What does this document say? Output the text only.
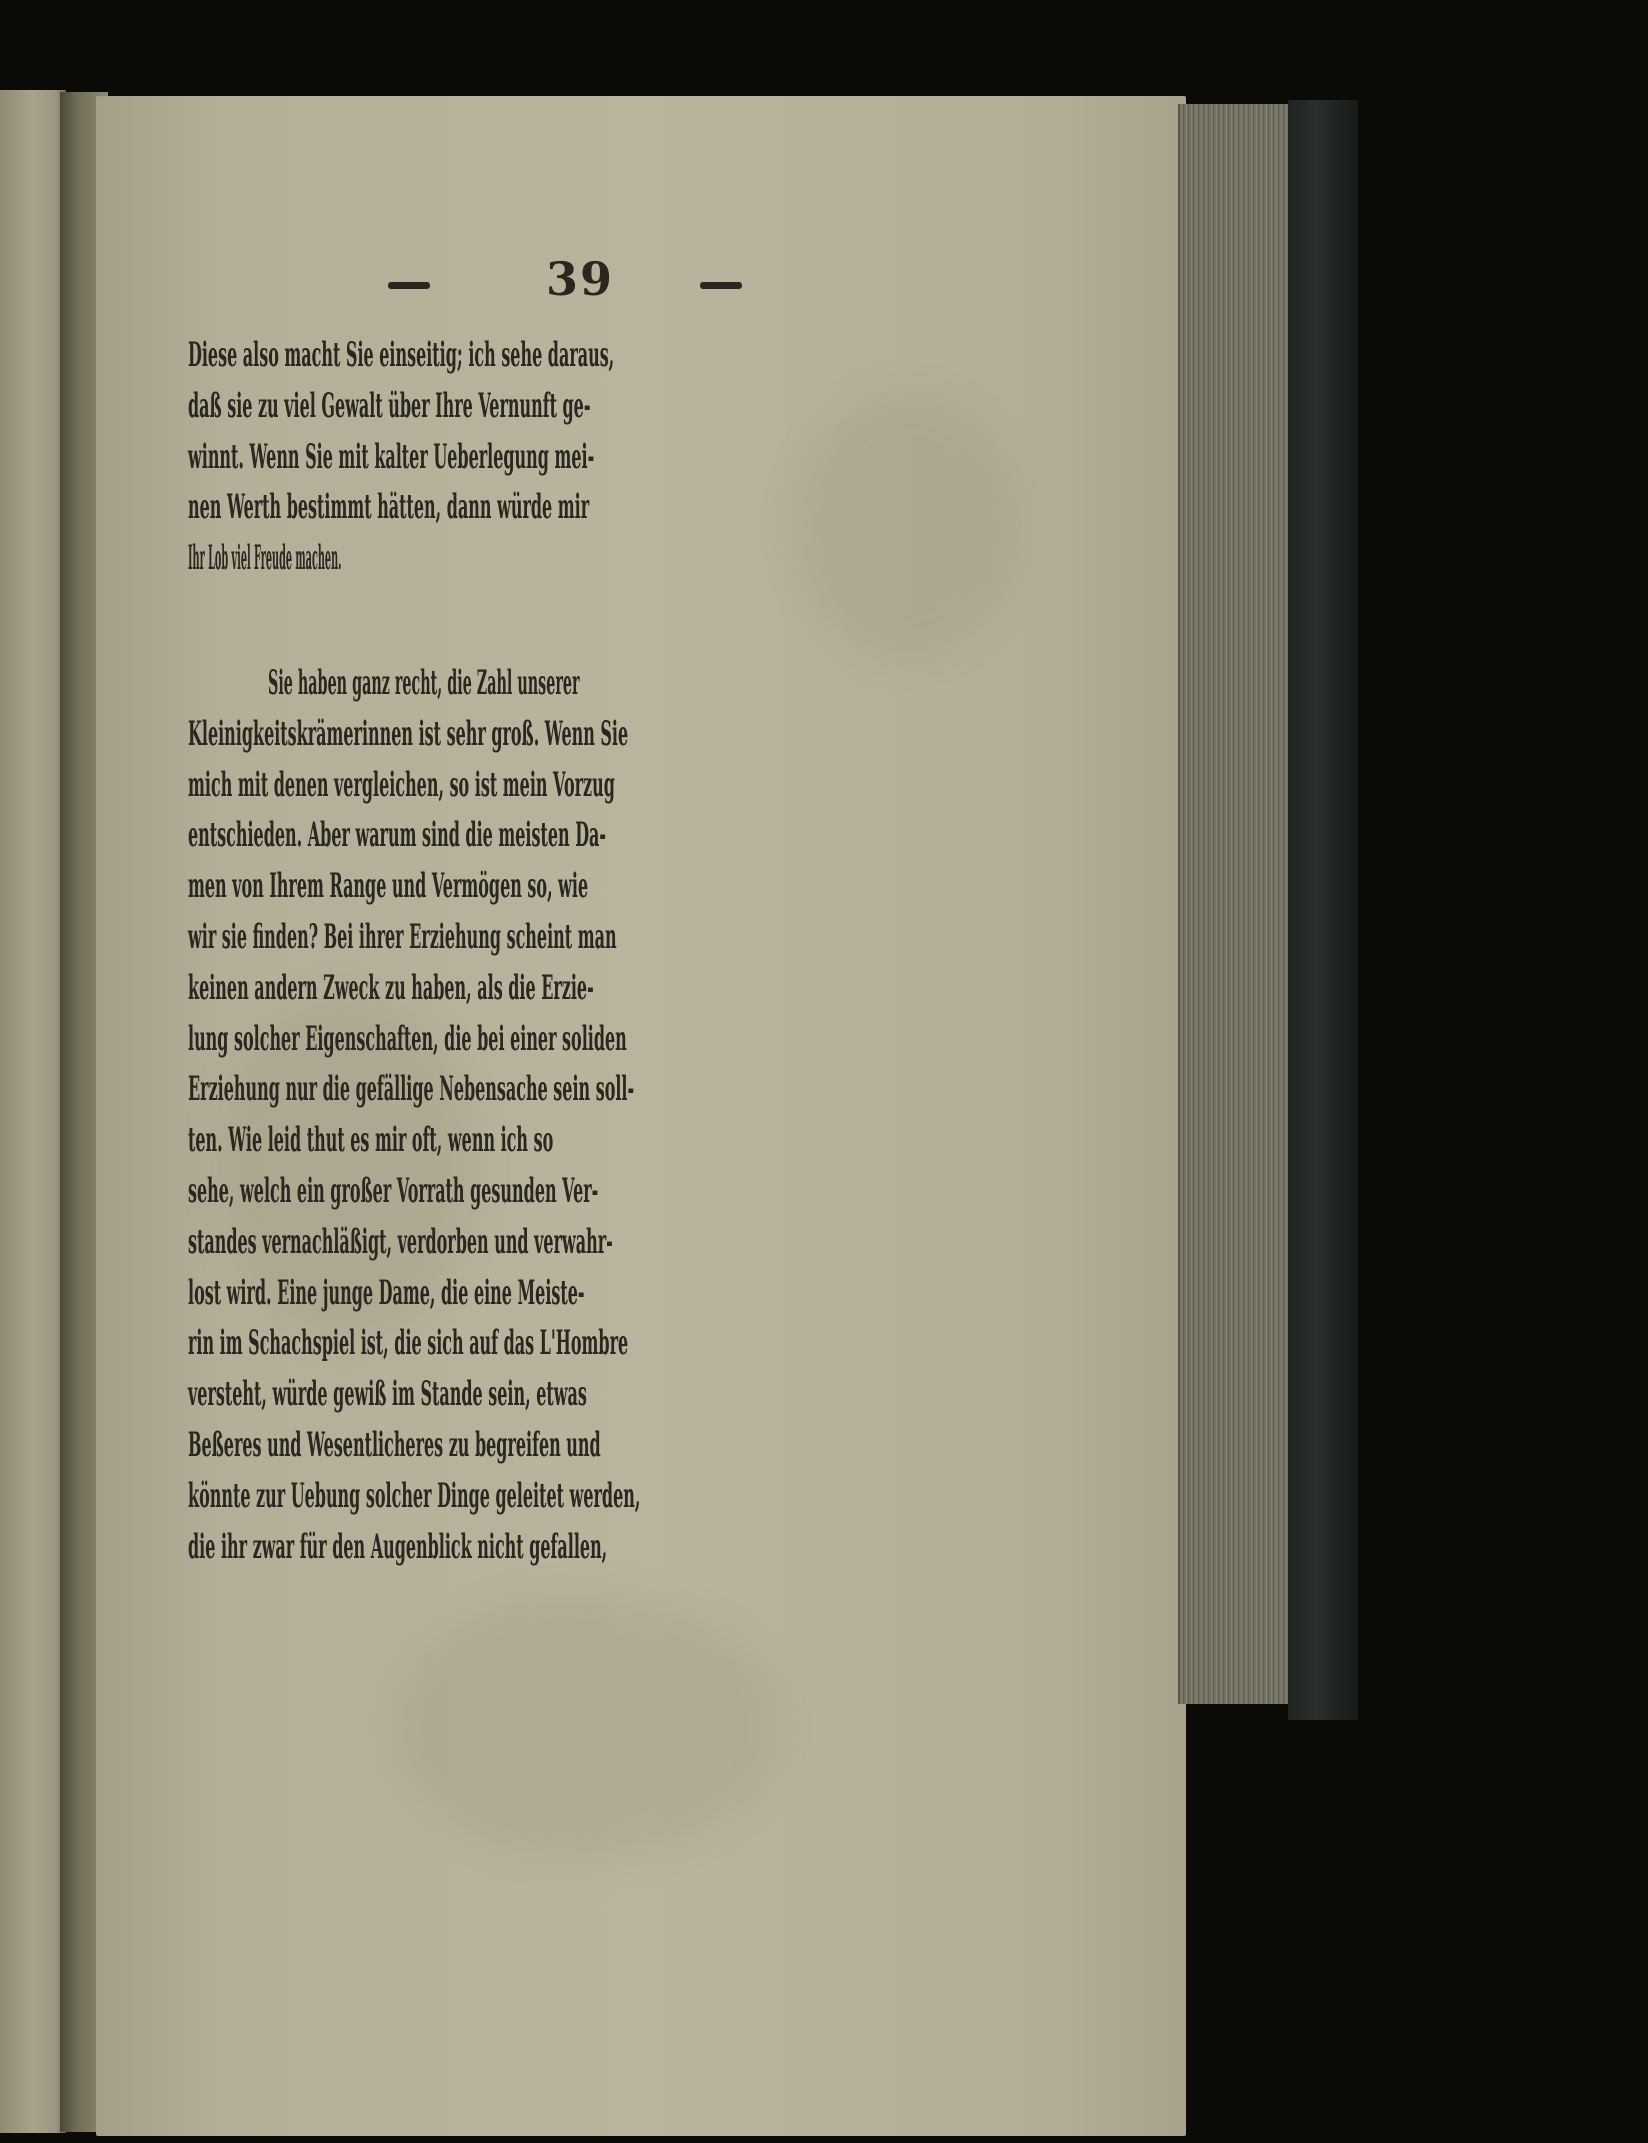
39
Diese also macht Sie einseitig; ich sehe daraus,
daß sie zu viel Gewalt über Ihre Vernunft ge-
winnt. Wenn Sie mit kalter Ueberlegung mei-
nen Werth bestimmt hätten, dann würde mir
Ihr Lob viel Freude machen.
Sie haben ganz recht, die Zahl unserer
Kleinigkeitskrämerinnen ist sehr groß. Wenn Sie
mich mit denen vergleichen, so ist mein Vorzug
entschieden. Aber warum sind die meisten Da-
men von Ihrem Range und Vermögen so, wie
wir sie finden? Bei ihrer Erziehung scheint man
keinen andern Zweck zu haben, als die Erzie-
lung solcher Eigenschaften, die bei einer soliden
Erziehung nur die gefällige Nebensache sein soll-
ten. Wie leid thut es mir oft, wenn ich so
sehe, welch ein großer Vorrath gesunden Ver-
standes vernachläßigt, verdorben und verwahr-
lost wird. Eine junge Dame, die eine Meiste-
rin im Schachspiel ist, die sich auf das L'Hombre
versteht, würde gewiß im Stande sein, etwas
Beßeres und Wesentlicheres zu begreifen und
könnte zur Uebung solcher Dinge geleitet werden,
die ihr zwar für den Augenblick nicht gefallen,
